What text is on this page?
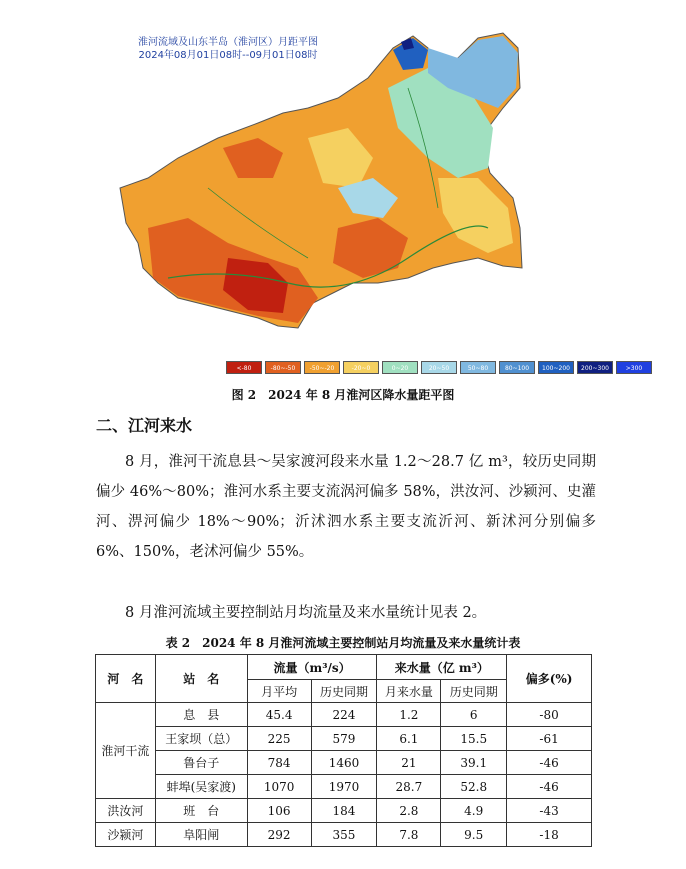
<-80	-80~-50	-50~-20	-20~0	0~20	20~50	50~80	80~100	100~200	200~300	>300
淮河流域及山东半岛（淮河区）月距平图
2024年08月01日08时--09月01日08时
图 2　2024 年 8 月淮河区降水量距平图
二、江河来水
8 月，淮河干流息县～吴家渡河段来水量 1.2～28.7 亿 m³，较历史同期偏少 46%～80%；淮河水系主要支流涡河偏多 58%，洪汝河、沙颍河、史灌河、淠河偏少 18%～90%；沂沭泗水系主要支流沂河、新沭河分别偏多 6%、150%，老沭河偏少 55%。
8 月淮河流域主要控制站月均流量及来水量统计见表 2。
表 2　2024 年 8 月淮河流域主要控制站月均流量及来水量统计表
河　名	站　名	流量（m³/s）		来水量（亿 m³）		偏多(%)
		月平均	历史同期	月来水量	历史同期	
淮河干流	息　县	45.4	224	1.2	6	-80
	王家坝（总）	225	579	6.1	15.5	-61
	鲁台子	784	1460	21	39.1	-46
	蚌埠(吴家渡)	1070	1970	28.7	52.8	-46
洪汝河	班　台	106	184	2.8	4.9	-43
沙颍河	阜阳闸	292	355	7.8	9.5	-18
